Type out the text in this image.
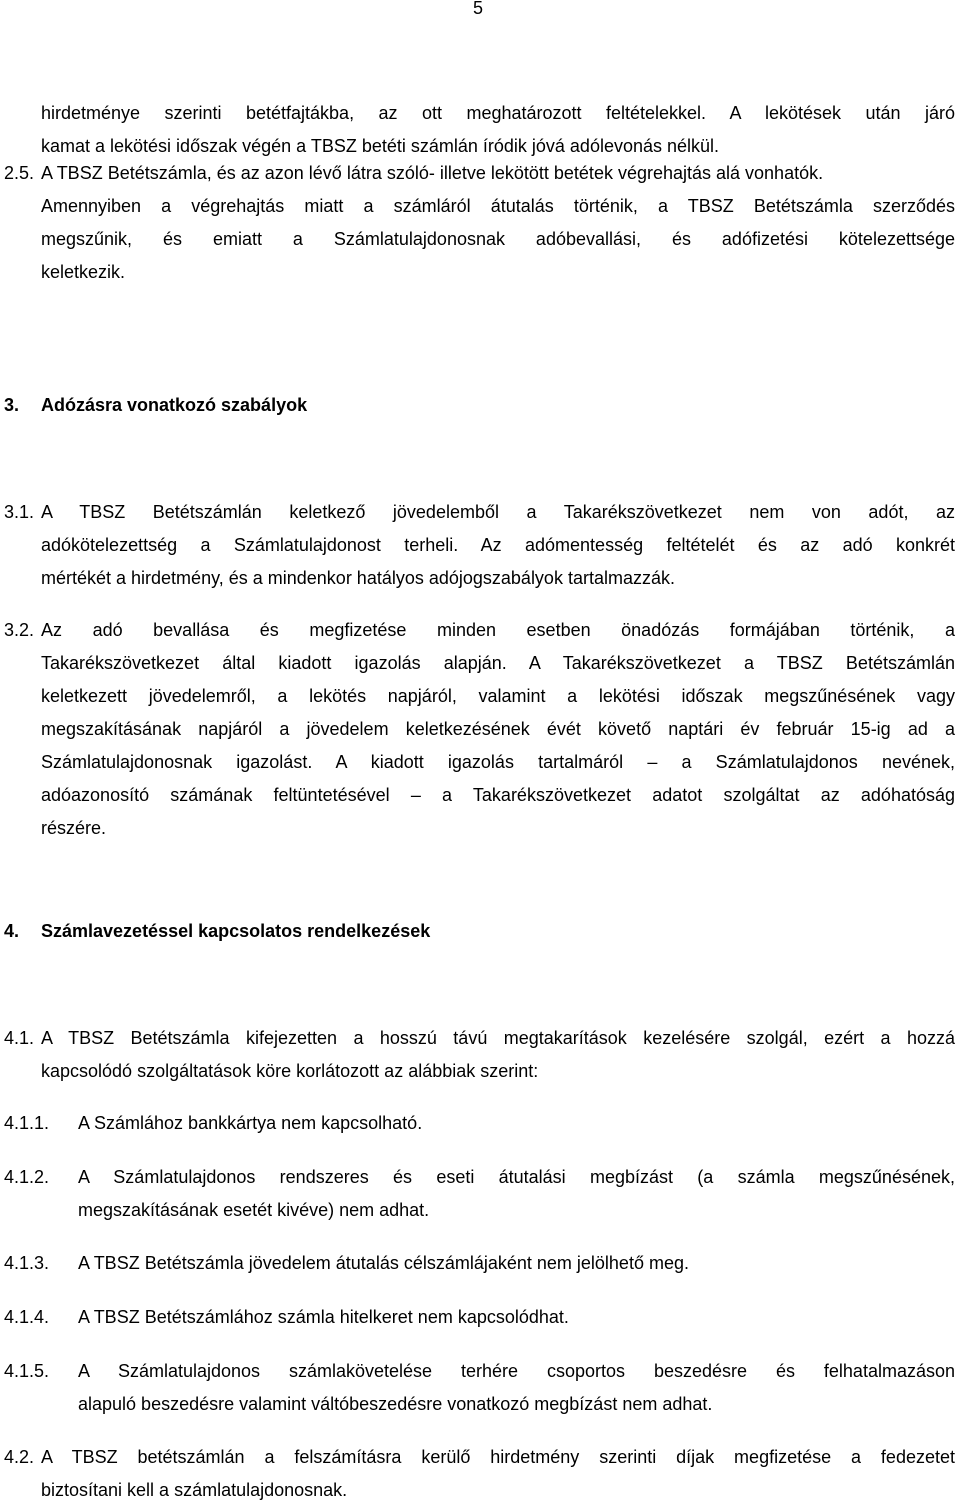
5
hirdetménye szerinti betétfajtákba, az ott meghatározott feltételekkel. A lekötések után járó
kamat a lekötési időszak végén a TBSZ betéti számlán íródik jóvá adólevonás nélkül.
2.5. A TBSZ Betétszámla, és az azon lévő látra szóló- illetve lekötött betétek végrehajtás alá vonhatók.
Amennyiben a végrehajtás miatt a számláról átutalás történik, a TBSZ Betétszámla szerződés
megszűnik, és emiatt a Számlatulajdonosnak adóbevallási, és adófizetési kötelezettsége
keletkezik.
3. Adózásra vonatkozó szabályok
3.1. A TBSZ Betétszámlán keletkező jövedelemből a Takarékszövetkezet nem von adót, az
adókötelezettség a Számlatulajdonost terheli. Az adómentesség feltételét és az adó konkrét
mértékét a hirdetmény, és a mindenkor hatályos adójogszabályok tartalmazzák.
3.2. Az adó bevallása és megfizetése minden esetben önadózás formájában történik, a
Takarékszövetkezet által kiadott igazolás alapján. A Takarékszövetkezet a TBSZ Betétszámlán
keletkezett jövedelemről, a lekötés napjáról, valamint a lekötési időszak megszűnésének vagy
megszakításának napjáról a jövedelem keletkezésének évét követő naptári év február 15-ig ad a
Számlatulajdonosnak igazolást. A kiadott igazolás tartalmáról – a Számlatulajdonos nevének,
adóazonosító számának feltüntetésével – a Takarékszövetkezet adatot szolgáltat az adóhatóság
részére.
4. Számlavezetéssel kapcsolatos rendelkezések
4.1. A TBSZ Betétszámla kifejezetten a hosszú távú megtakarítások kezelésére szolgál, ezért a hozzá
kapcsolódó szolgáltatások köre korlátozott az alábbiak szerint:
4.1.1. A Számlához bankkártya nem kapcsolható.
4.1.2. A Számlatulajdonos rendszeres és eseti átutalási megbízást (a számla megszűnésének,
megszakításának esetét kivéve) nem adhat.
4.1.3. A TBSZ Betétszámla jövedelem átutalás célszámlájaként nem jelölhető meg.
4.1.4. A TBSZ Betétszámlához számla hitelkeret nem kapcsolódhat.
4.1.5. A Számlatulajdonos számlakövetelése terhére csoportos beszedésre és felhatalmazáson
alapuló beszedésre valamint váltóbeszedésre vonatkozó megbízást nem adhat.
4.2. A TBSZ betétszámlán a felszámításra kerülő hirdetmény szerinti díjak megfizetése a fedezetet
biztosítani kell a számlatulajdonosnak.
